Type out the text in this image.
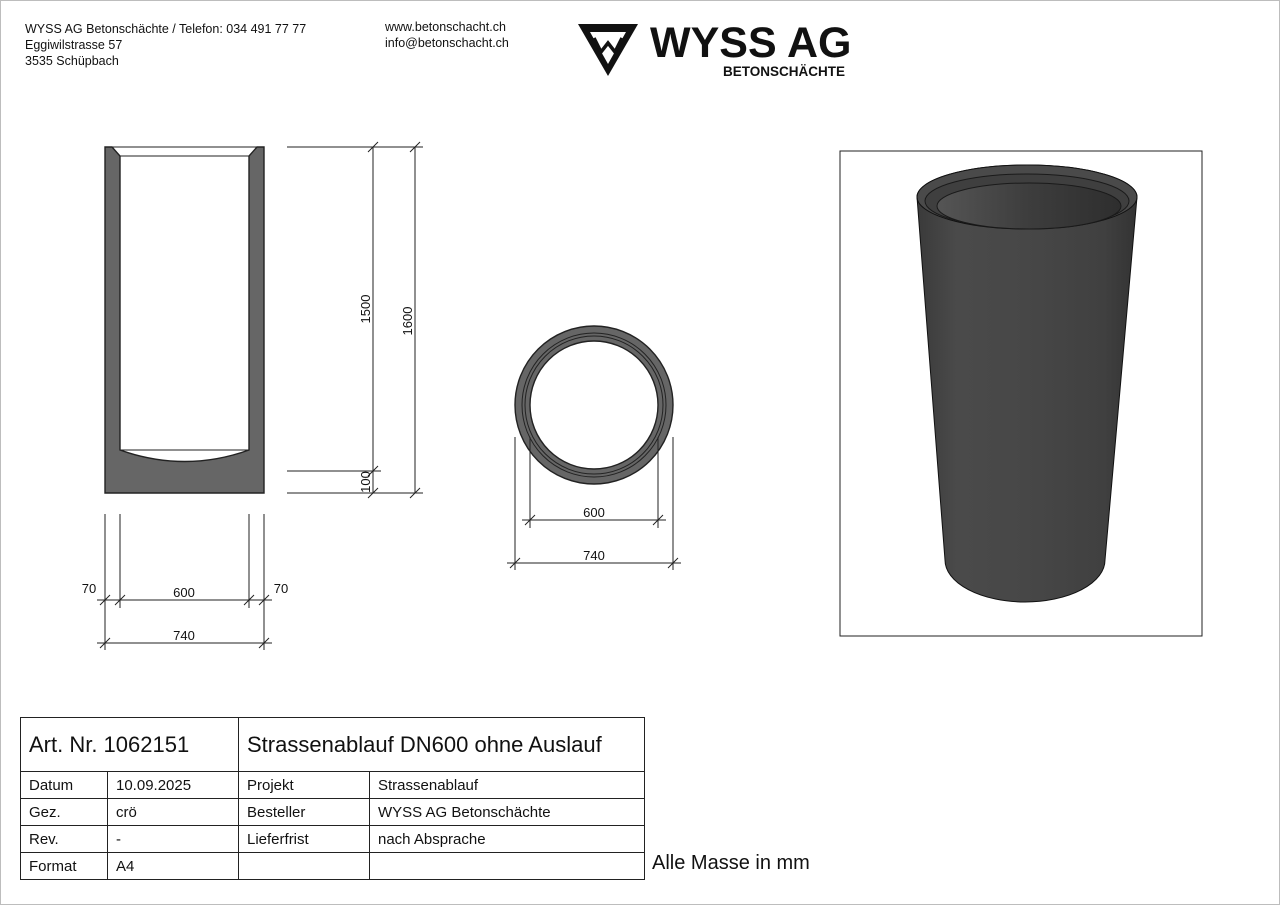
WYSS AG Betonschächte / Telefon: 034 491 77 77
Eggiwilstrasse 57
3535 Schüpbach
www.betonschacht.ch
info@betonschacht.ch	WYSS AG
BETONSCHÄCHTE
1500 1600
100
70	600	70
740
600
740
Art. Nr. 1062151		Strassenablauf DN600 ohne Auslauf	
Datum	10.09.2025	Projekt	Strassenablauf
Gez.	crö	Besteller	WYSS AG Betonschächte
Rev.	-	Lieferfrist	nach Absprache
Format	A4			Alle Masse in mm
